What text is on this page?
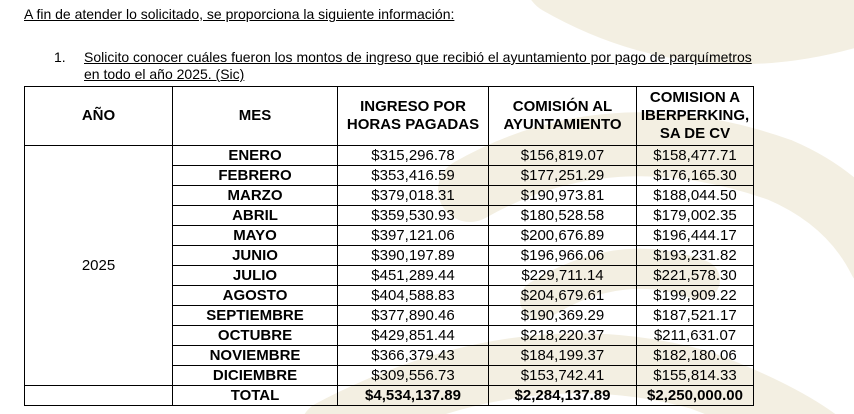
A fin de atender lo solicitado, se proporciona la siguiente información:
1. Solicito conocer cuáles fueron los montos de ingreso que recibió el ayuntamiento por pago de parquímetros en todo el año 2025. (Sic)
AÑO	MES	INGRESO POR HORAS PAGADAS	COMISIÓN AL AYUNTAMIENTO	COMISION A IBERPERKING, SA DE CV
2025	ENERO	$315,296.78	$156,819.07	$158,477.71
	FEBRERO	$353,416.59	$177,251.29	$176,165.30
	MARZO	$379,018.31	$190,973.81	$188,044.50
	ABRIL	$359,530.93	$180,528.58	$179,002.35
	MAYO	$397,121.06	$200,676.89	$196,444.17
	JUNIO	$390,197.89	$196,966.06	$193,231.82
	JULIO	$451,289.44	$229,711.14	$221,578.30
	AGOSTO	$404,588.83	$204,679.61	$199,909.22
	SEPTIEMBRE	$377,890.46	$190,369.29	$187,521.17
	OCTUBRE	$429,851.44	$218,220.37	$211,631.07
	NOVIEMBRE	$366,379.43	$184,199.37	$182,180.06
	DICIEMBRE	$309,556.73	$153,742.41	$155,814.33
	TOTAL	$4,534,137.89	$2,284,137.89	$2,250,000.00
